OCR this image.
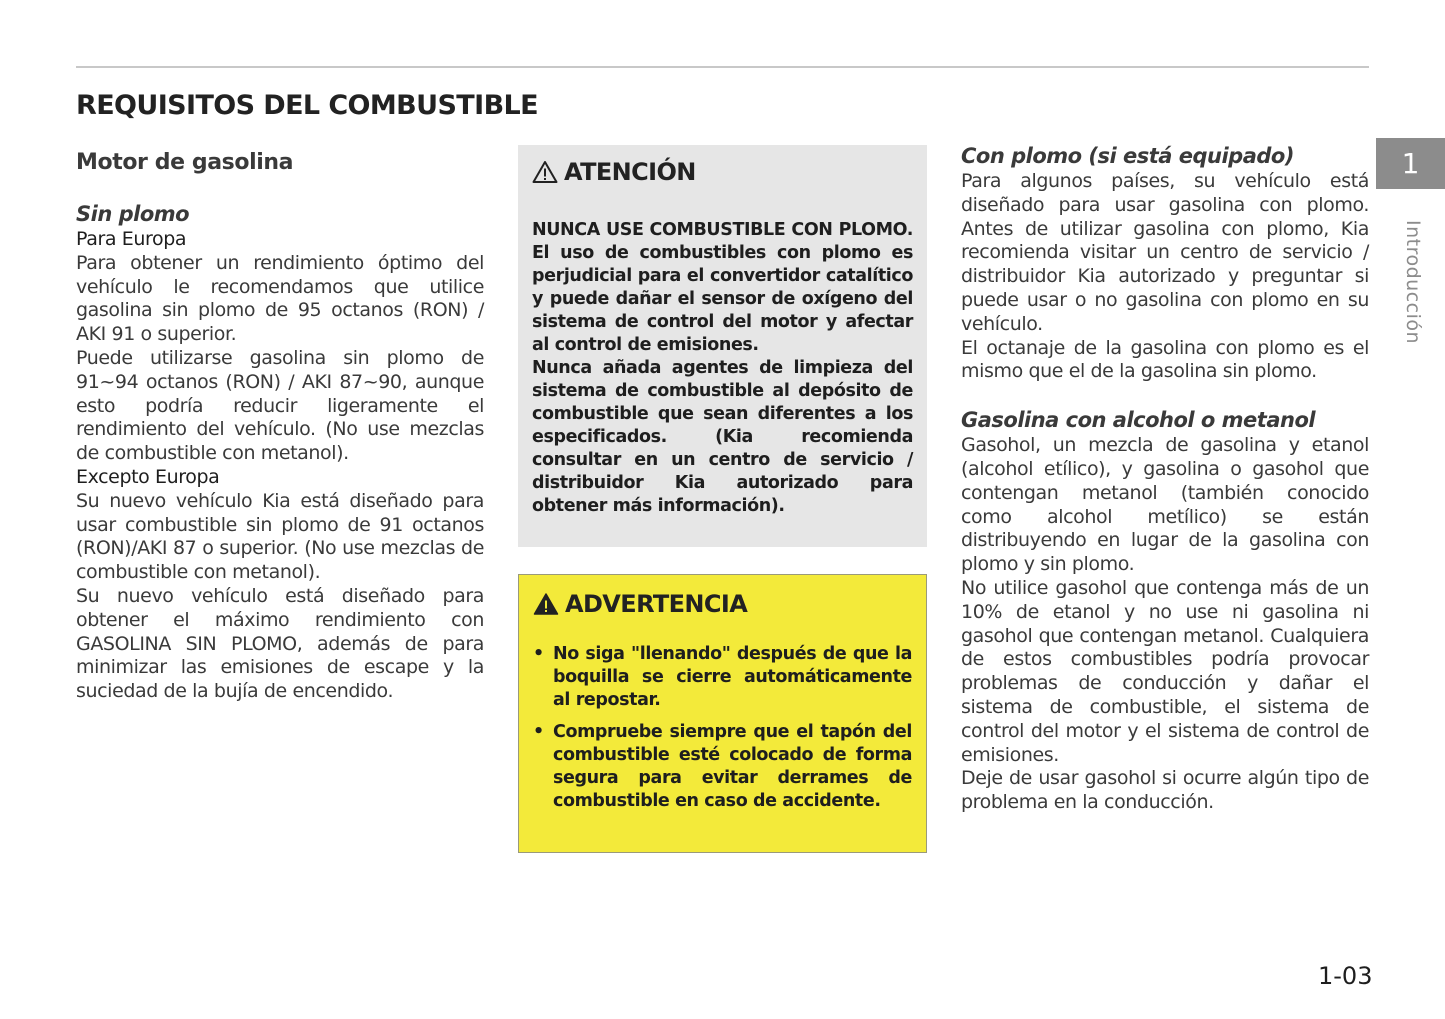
REQUISITOS DEL COMBUSTIBLE
Motor de gasolina
Sin plomo
Para Europa

Para obtener un rendimiento óptimo del vehículo le recomendamos que utilice gasolina sin plomo de 95 octanos (RON) / AKI 91 o superior.

Puede utilizarse gasolina sin plomo de 91~94 octanos (RON) / AKI 87~90, aunque esto podría reducir ligeramente el rendimiento del vehículo. (No use mezclas de combustible con metanol).

Excepto Europa

Su nuevo vehículo Kia está diseñado para usar combustible sin plomo de 91 octanos (RON)/AKI 87 o superior. (No use mezclas de combustible con metanol).

Su nuevo vehículo está diseñado para obtener el máximo rendimiento con GASOLINA SIN PLOMO, además de para minimizar las emisiones de escape y la suciedad de la bujía de encendido.

ATENCIÓN

NUNCA USE COMBUSTIBLE CON PLOMO. El uso de combustibles con plomo es perjudicial para el convertidor catalítico y puede dañar el sensor de oxígeno del sistema de control del motor y afectar al control de emisiones.

Nunca añada agentes de limpieza del sistema de combustible al depósito de combustible que sean diferentes a los especificados. (Kia recomienda consultar en un centro de servicio / distribuidor Kia autorizado para obtener más información).

ADVERTENCIA
• No siga "llenando" después de que la boquilla se cierre automáticamente al repostar.
• Compruebe siempre que el tapón del combustible esté colocado de forma segura para evitar derrames de combustible en caso de accidente.
Con plomo (si está equipado)

Para algunos países, su vehículo está diseñado para usar gasolina con plomo. Antes de utilizar gasolina con plomo, Kia recomienda visitar un centro de servicio / distribuidor Kia autorizado y preguntar si puede usar o no gasolina con plomo en su vehículo.

El octanaje de la gasolina con plomo es el mismo que el de la gasolina sin plomo.

Gasolina con alcohol o metanol

Gasohol, un mezcla de gasolina y etanol (alcohol etílico), y gasolina o gasohol que contengan metanol (también conocido como alcohol metílico) se están distribuyendo en lugar de la gasolina con plomo y sin plomo.

No utilice gasohol que contenga más de un 10% de etanol y no use ni gasolina ni gasohol que contengan metanol. Cualquiera de estos combustibles podría provocar problemas de conducción y dañar el sistema de combustible, el sistema de control del motor y el sistema de control de emisiones.

Deje de usar gasohol si ocurre algún tipo de problema en la conducción.

1
Introducción
1-03
